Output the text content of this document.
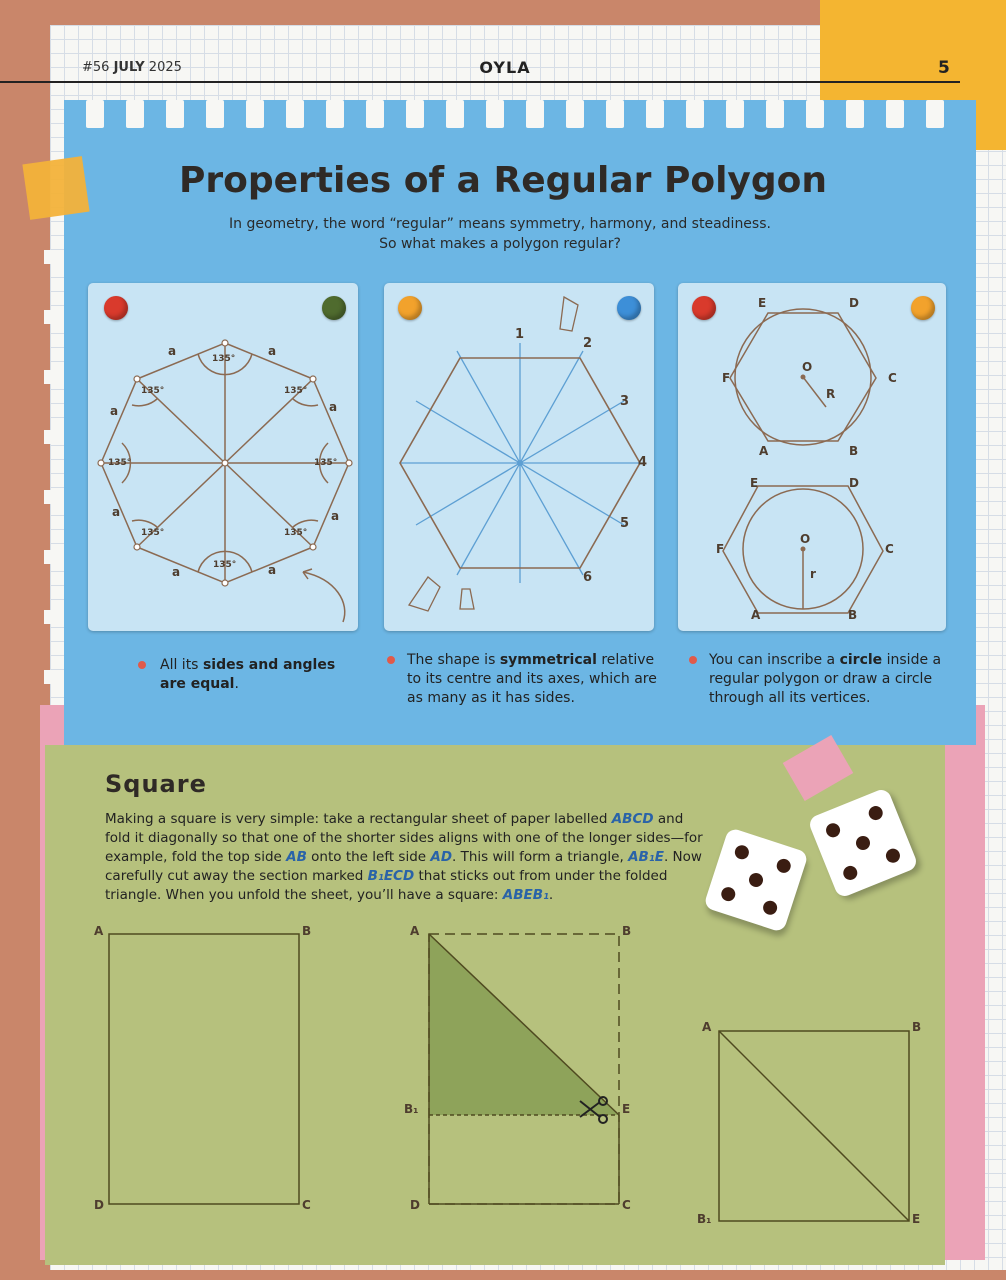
#56 JULY 2025	OYLA	5
Properties of a Regular Polygon
In geometry, the word “regular” means symmetry, harmony, and steadiness.
So what makes a polygon regular?
a	a
a	a
a	a
a	a
135°
135°
135°
135°
135°
135°
135°
135°
1
2
3
4
5
6
E	D
F	C
A	B
O
R
E	D
F	C
A	B
O
r
All its sides and angles are equal.
The shape is symmetrical relative to its centre and its axes, which are as many as it has sides.
You can inscribe a circle inside a regular polygon or draw a circle through all its vertices.
Square
Making a square is very simple: take a rectangular sheet of paper labelled ABCD and fold it diagonally so that one of the shorter sides aligns with one of the longer sides—for example, fold the top side AB onto the left side AD. This will form a triangle, AB₁E. Now carefully cut away the section marked B₁ECD that sticks out from under the folded triangle. When you unfold the sheet, you’ll have a square: ABEB₁.
A	B
D	C
A	B
B₁	E
D	C
A	B
B₁	E
